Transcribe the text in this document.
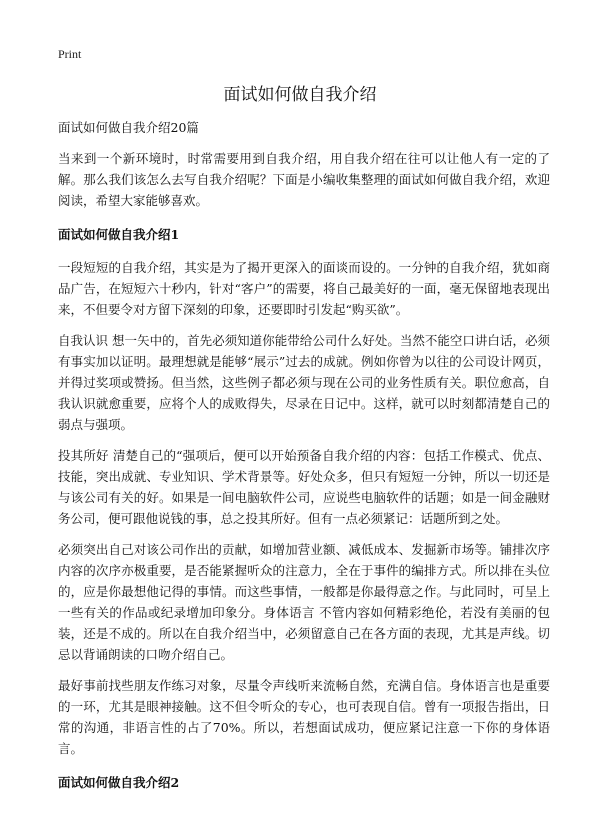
Print
面试如何做自我介绍
面试如何做自我介绍20篇

当来到一个新环境时，时常需要用到自我介绍，用自我介绍在往可以让他人有一定的了解。那么我们该怎么去写自我介绍呢？下面是小编收集整理的面试如何做自我介绍，欢迎阅读，希望大家能够喜欢。

面试如何做自我介绍1

一段短短的自我介绍，其实是为了揭开更深入的面谈而设的。一分钟的自我介绍，犹如商品广告，在短短六十秒内，针对“客户”的需要，将自己最美好的一面，毫无保留地表现出来，不但要令对方留下深刻的印象，还要即时引发起“购买欲”。

自我认识 想一矢中的，首先必须知道你能带给公司什么好处。当然不能空口讲白话，必须有事实加以证明。最理想就是能够“展示”过去的成就。例如你曾为以往的公司设计网页，并得过奖项或赞扬。但当然，这些例子都必须与现在公司的业务性质有关。职位愈高，自我认识就愈重要，应将个人的成败得失，尽录在日记中。这样，就可以时刻都清楚自己的弱点与强项。

投其所好 清楚自己的“强项后，便可以开始预备自我介绍的内容：包括工作模式、优点、技能，突出成就、专业知识、学术背景等。好处众多，但只有短短一分钟，所以一切还是与该公司有关的好。如果是一间电脑软件公司，应说些电脑软件的话题；如是一间金融财务公司，便可跟他说钱的事，总之投其所好。但有一点必须紧记：话题所到之处。

必须突出自己对该公司作出的贡献，如增加营业额、减低成本、发掘新市场等。铺排次序 内容的次序亦极重要，是否能紧握听众的注意力，全在于事件的编排方式。所以排在头位的，应是你最想他记得的事情。而这些事情，一般都是你最得意之作。与此同时，可呈上一些有关的作品或纪录增加印象分。身体语言 不管内容如何精彩绝伦，若没有美丽的包装，还是不成的。所以在自我介绍当中，必须留意自己在各方面的表现，尤其是声线。切忌以背诵朗读的口吻介绍自己。

最好事前找些朋友作练习对象，尽量令声线听来流畅自然，充满自信。身体语言也是重要的一环，尤其是眼神接触。这不但令听众的专心，也可表现自信。曾有一项报告指出，日常的沟通，非语言性的占了70%。所以，若想面试成功，便应紧记注意一下你的身体语言。

面试如何做自我介绍2
